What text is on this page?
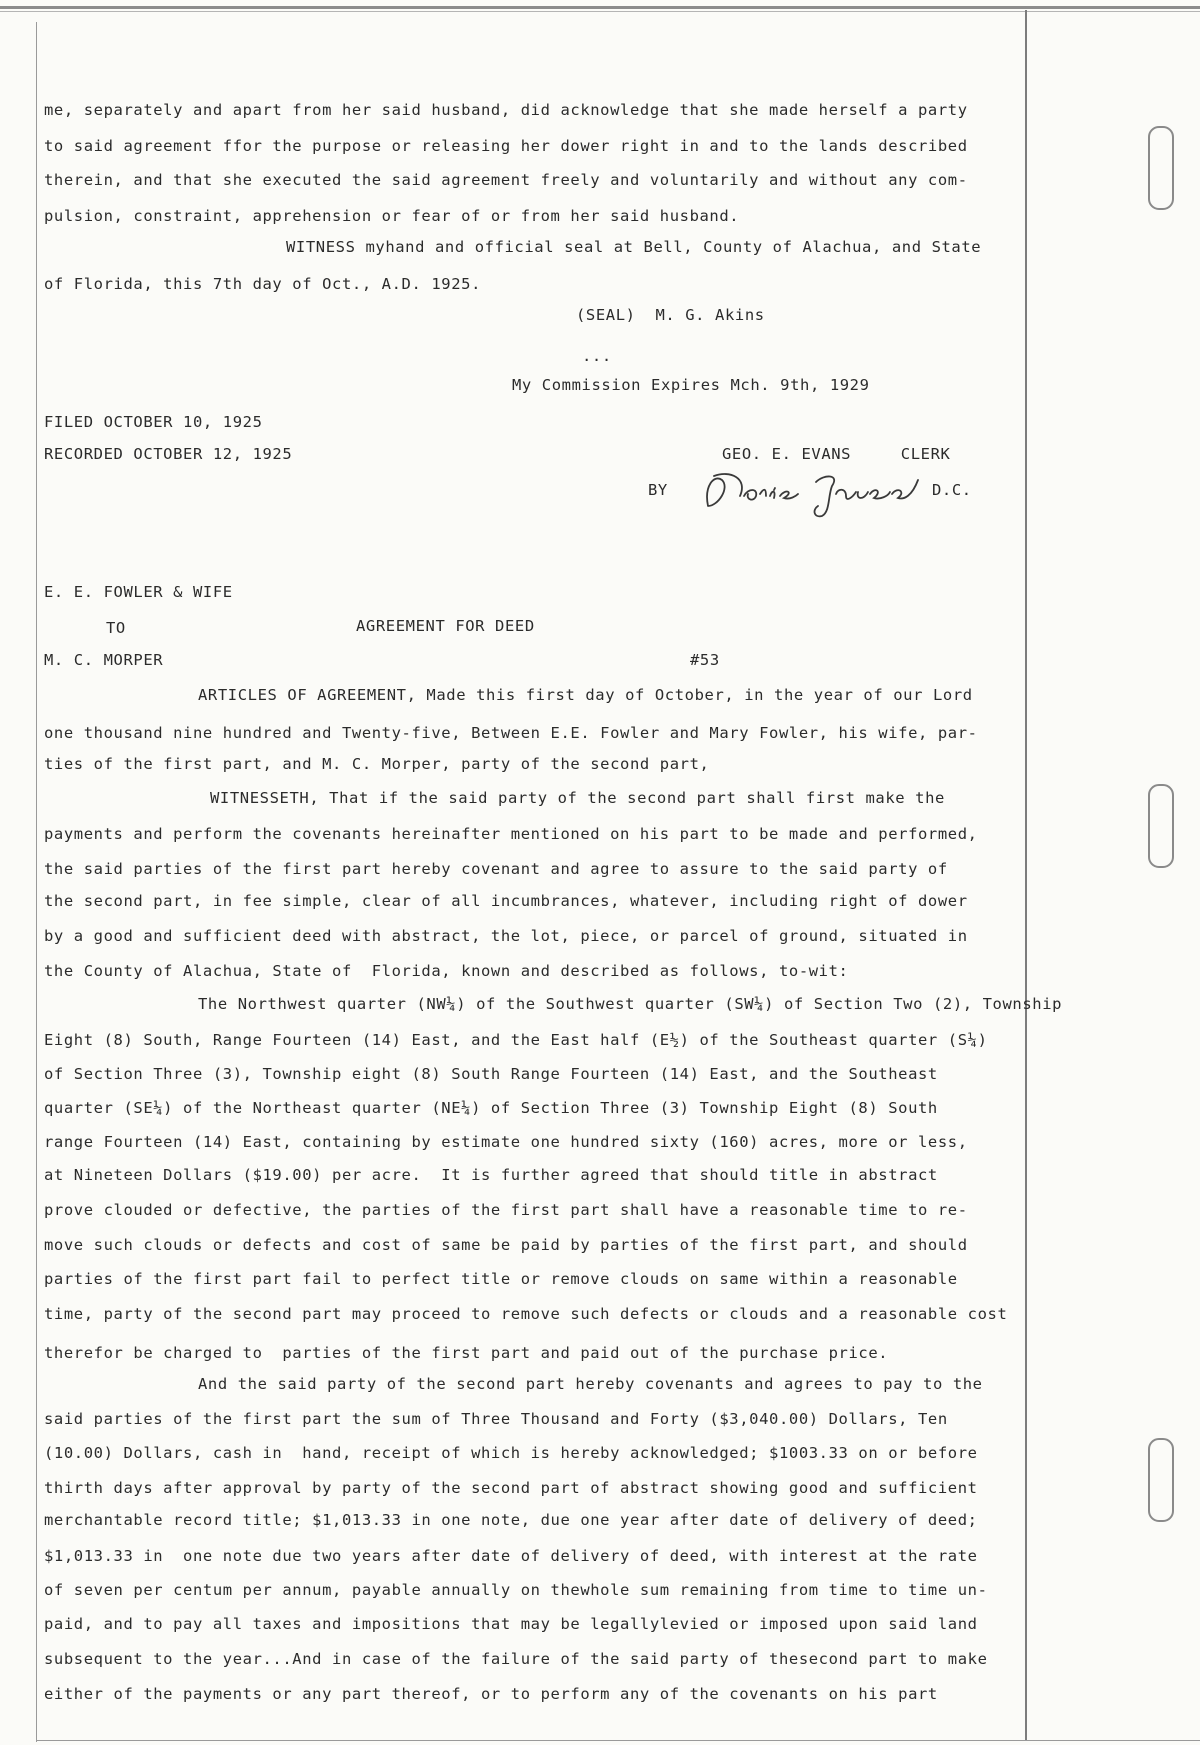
me, separately and apart from her said husband, did acknowledge that she made herself a party
to said agreement ffor the purpose or releasing her dower right in and to the lands described
therein, and that she executed the said agreement freely and voluntarily and without any com-
pulsion, constraint, apprehension or fear of or from her said husband.
WITNESS myhand and official seal at Bell, County of Alachua, and State
of Florida, this 7th day of Oct., A.D. 1925.
(SEAL)  M. G. Akins
...
My Commission Expires Mch. 9th, 1929
FILED OCTOBER 10, 1925
RECORDED OCTOBER 12, 1925	GEO. E. EVANS     CLERK
BY	D.C.
E. E. FOWLER & WIFE
TO	AGREEMENT FOR DEED
M. C. MORPER	#53
ARTICLES OF AGREEMENT, Made this first day of October, in the year of our Lord
one thousand nine hundred and Twenty-five, Between E.E. Fowler and Mary Fowler, his wife, par-
ties of the first part, and M. C. Morper, party of the second part,
WITNESSETH, That if the said party of the second part shall first make the
payments and perform the covenants hereinafter mentioned on his part to be made and performed,
the said parties of the first part hereby covenant and agree to assure to the said party of
the second part, in fee simple, clear of all incumbrances, whatever, including right of dower
by a good and sufficient deed with abstract, the lot, piece, or parcel of ground, situated in
the County of Alachua, State of  Florida, known and described as follows, to-wit:
The Northwest quarter (NW¼) of the Southwest quarter (SW¼) of Section Two (2), Township
Eight (8) South, Range Fourteen (14) East, and the East half (E½) of the Southeast quarter (S¼)
of Section Three (3), Township eight (8) South Range Fourteen (14) East, and the Southeast
quarter (SE¼) of the Northeast quarter (NE¼) of Section Three (3) Township Eight (8) South
range Fourteen (14) East, containing by estimate one hundred sixty (160) acres, more or less,
at Nineteen Dollars ($19.00) per acre.  It is further agreed that should title in abstract
prove clouded or defective, the parties of the first part shall have a reasonable time to re-
move such clouds or defects and cost of same be paid by parties of the first part, and should
parties of the first part fail to perfect title or remove clouds on same within a reasonable
time, party of the second part may proceed to remove such defects or clouds and a reasonable cost
therefor be charged to  parties of the first part and paid out of the purchase price.
And the said party of the second part hereby covenants and agrees to pay to the
said parties of the first part the sum of Three Thousand and Forty ($3,040.00) Dollars, Ten
(10.00) Dollars, cash in  hand, receipt of which is hereby acknowledged; $1003.33 on or before
thirth days after approval by party of the second part of abstract showing good and sufficient
merchantable record title; $1,013.33 in one note, due one year after date of delivery of deed;
$1,013.33 in  one note due two years after date of delivery of deed, with interest at the rate
of seven per centum per annum, payable annually on thewhole sum remaining from time to time un-
paid, and to pay all taxes and impositions that may be legallylevied or imposed upon said land
subsequent to the year...And in case of the failure of the said party of thesecond part to make
either of the payments or any part thereof, or to perform any of the covenants on his part
